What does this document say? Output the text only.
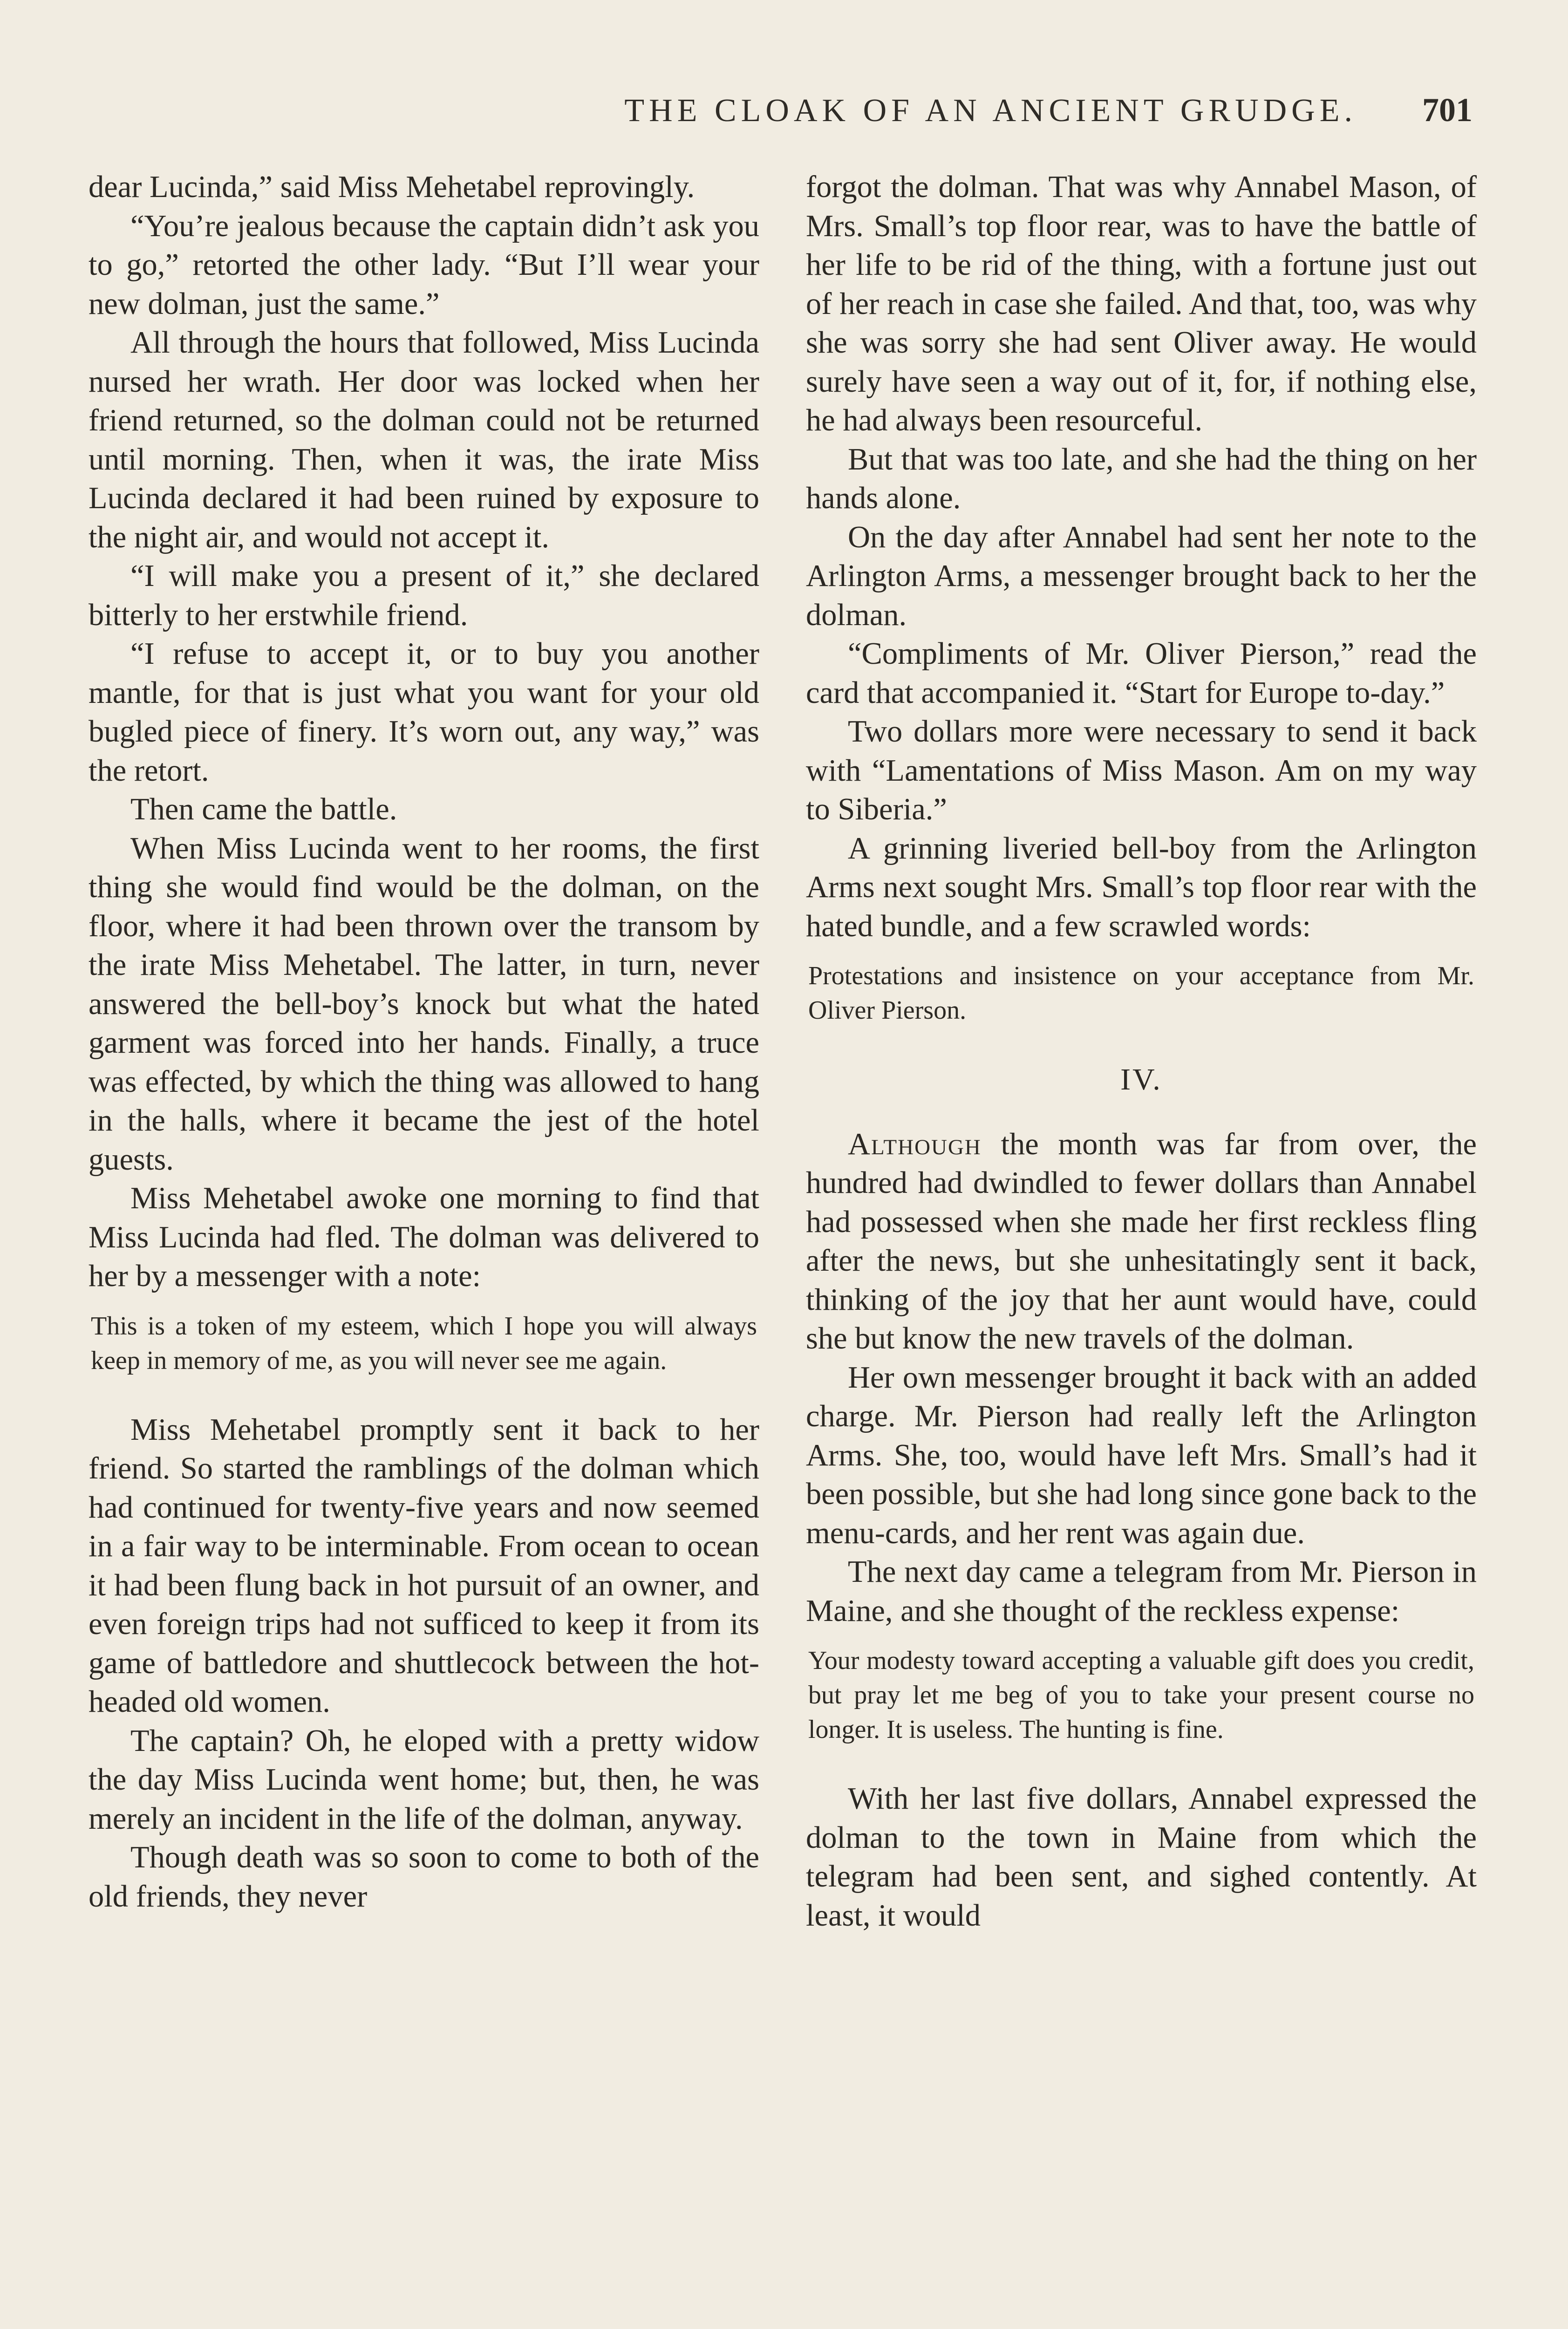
THE CLOAK OF AN ANCIENT GRUDGE. 701

dear Lucinda,” said Miss Mehetabel reprovingly.

“You’re jealous because the captain didn’t ask you to go,” retorted the other lady. “But I’ll wear your new dolman, just the same.”

All through the hours that followed, Miss Lucinda nursed her wrath. Her door was locked when her friend returned, so the dolman could not be returned until morning. Then, when it was, the irate Miss Lucinda declared it had been ruined by exposure to the night air, and would not accept it.

“I will make you a present of it,” she declared bitterly to her erstwhile friend.

“I refuse to accept it, or to buy you another mantle, for that is just what you want for your old bugled piece of finery. It’s worn out, any way,” was the retort.

Then came the battle.

When Miss Lucinda went to her rooms, the first thing she would find would be the dolman, on the floor, where it had been thrown over the transom by the irate Miss Mehetabel. The latter, in turn, never answered the bell-boy’s knock but what the hated garment was forced into her hands. Finally, a truce was effected, by which the thing was allowed to hang in the halls, where it became the jest of the hotel guests.

Miss Mehetabel awoke one morning to find that Miss Lucinda had fled. The dolman was delivered to her by a messenger with a note:

This is a token of my esteem, which I hope you will always keep in memory of me, as you will never see me again.

Miss Mehetabel promptly sent it back to her friend. So started the ramblings of the dolman which had continued for twenty-five years and now seemed in a fair way to be interminable. From ocean to ocean it had been flung back in hot pursuit of an owner, and even foreign trips had not sufficed to keep it from its game of battledore and shuttlecock between the hot-headed old women.

The captain? Oh, he eloped with a pretty widow the day Miss Lucinda went home; but, then, he was merely an incident in the life of the dolman, anyway.

Though death was so soon to come to both of the old friends, they never

forgot the dolman. That was why Annabel Mason, of Mrs. Small’s top floor rear, was to have the battle of her life to be rid of the thing, with a fortune just out of her reach in case she failed. And that, too, was why she was sorry she had sent Oliver away. He would surely have seen a way out of it, for, if nothing else, he had always been resourceful.

But that was too late, and she had the thing on her hands alone.

On the day after Annabel had sent her note to the Arlington Arms, a messenger brought back to her the dolman.

“Compliments of Mr. Oliver Pierson,” read the card that accompanied it. “Start for Europe to-day.”

Two dollars more were necessary to send it back with “Lamentations of Miss Mason. Am on my way to Siberia.”

A grinning liveried bell-boy from the Arlington Arms next sought Mrs. Small’s top floor rear with the hated bundle, and a few scrawled words:

Protestations and insistence on your acceptance from Mr. Oliver Pierson.

IV.

Although the month was far from over, the hundred had dwindled to fewer dollars than Annabel had possessed when she made her first reckless fling after the news, but she unhesitatingly sent it back, thinking of the joy that her aunt would have, could she but know the new travels of the dolman.

Her own messenger brought it back with an added charge. Mr. Pierson had really left the Arlington Arms. She, too, would have left Mrs. Small’s had it been possible, but she had long since gone back to the menu-cards, and her rent was again due.

The next day came a telegram from Mr. Pierson in Maine, and she thought of the reckless expense:

Your modesty toward accepting a valuable gift does you credit, but pray let me beg of you to take your present course no longer. It is useless. The hunting is fine.

With her last five dollars, Annabel expressed the dolman to the town in Maine from which the telegram had been sent, and sighed contently. At least, it would
